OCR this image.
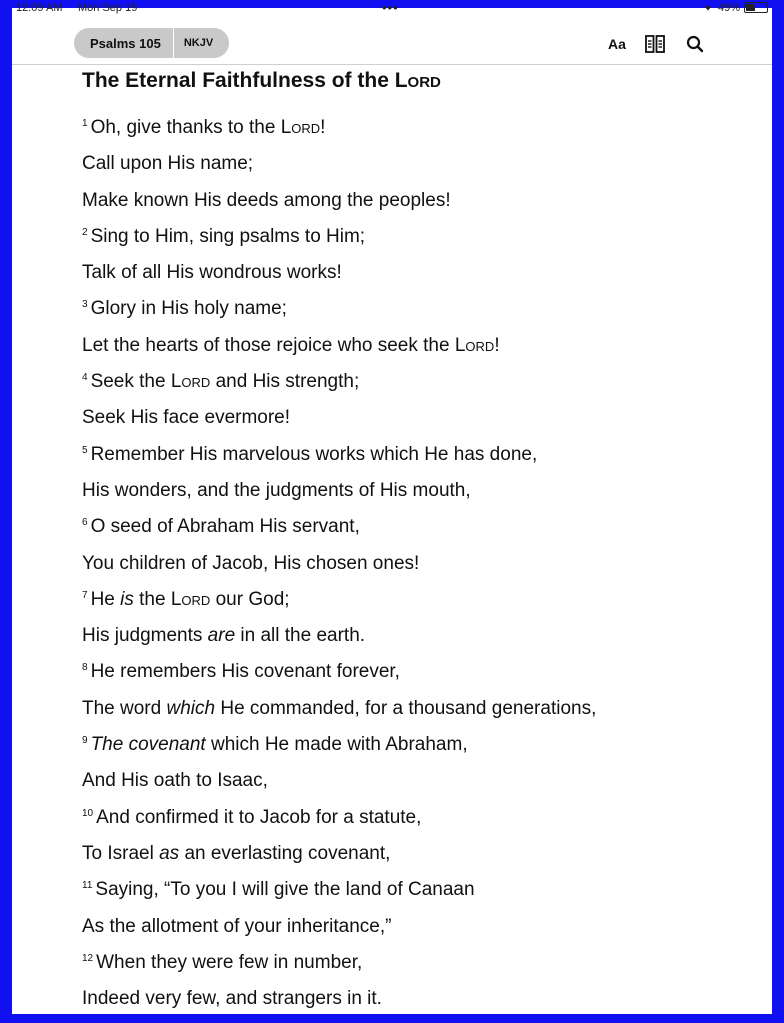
12:09 AM Mon Sep 19	•••	49%
Psalms 105	NKJV	Aa
The Eternal Faithfulness of the Lord
$^1$ Oh, give thanks to the Lord!
Call upon His name;
Make known His deeds among the peoples!
$^2$ Sing to Him, sing psalms to Him;
Talk of all His wondrous works!
$^3$ Glory in His holy name;
Let the hearts of those rejoice who seek the Lord!
$^4$ Seek the Lord and His strength;
Seek His face evermore!
$^5$ Remember His marvelous works which He has done,
His wonders, and the judgments of His mouth,
$^6$ O seed of Abraham His servant,
You children of Jacob, His chosen ones!
$^7$ He is the Lord our God;
His judgments are in all the earth.
$^8$ He remembers His covenant forever,
The word which He commanded, for a thousand generations,
$^9$ The covenant which He made with Abraham,
And His oath to Isaac,
$^{10}$ And confirmed it to Jacob for a statute,
To Israel as an everlasting covenant,
$^{11}$ Saying, “To you I will give the land of Canaan
As the allotment of your inheritance,”
$^{12}$ When they were few in number,
Indeed very few, and strangers in it.
